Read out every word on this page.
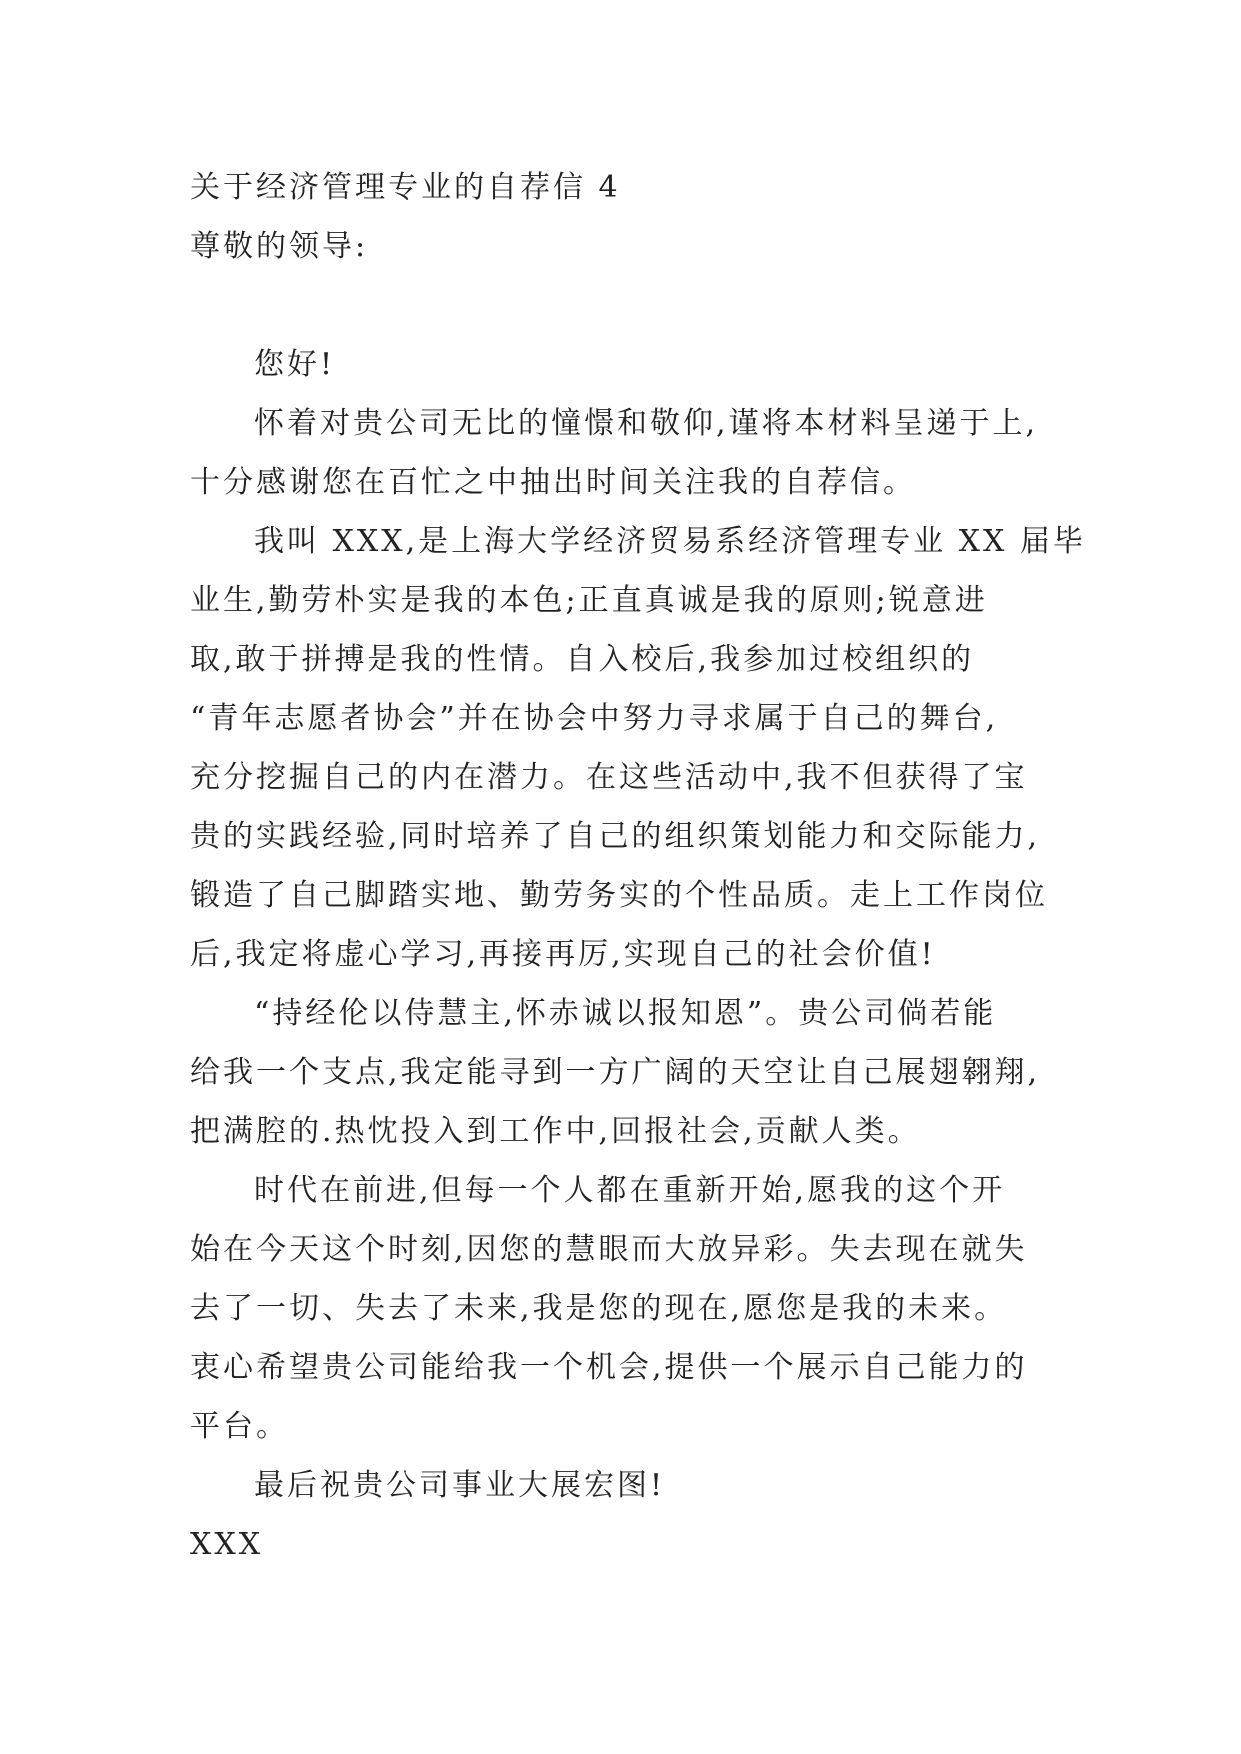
关于经济管理专业的自荐信 4
尊敬的领导:
您好!
怀着对贵公司无比的憧憬和敬仰,谨将本材料呈递于上,
十分感谢您在百忙之中抽出时间关注我的自荐信。
我叫 XXX,是上海大学经济贸易系经济管理专业 XX 届毕
业生,勤劳朴实是我的本色;正直真诚是我的原则;锐意进
取,敢于拼搏是我的性情。自入校后,我参加过校组织的
“青年志愿者协会”并在协会中努力寻求属于自己的舞台,
充分挖掘自己的内在潜力。在这些活动中,我不但获得了宝
贵的实践经验,同时培养了自己的组织策划能力和交际能力,
锻造了自己脚踏实地、勤劳务实的个性品质。走上工作岗位
后,我定将虚心学习,再接再厉,实现自己的社会价值!
“持经伦以侍慧主,怀赤诚以报知恩”。贵公司倘若能
给我一个支点,我定能寻到一方广阔的天空让自己展翅翱翔,
把满腔的.热忱投入到工作中,回报社会,贡献人类。
时代在前进,但每一个人都在重新开始,愿我的这个开
始在今天这个时刻,因您的慧眼而大放异彩。失去现在就失
去了一切、失去了未来,我是您的现在,愿您是我的未来。
衷心希望贵公司能给我一个机会,提供一个展示自己能力的
平台。
最后祝贵公司事业大展宏图!
XXX
